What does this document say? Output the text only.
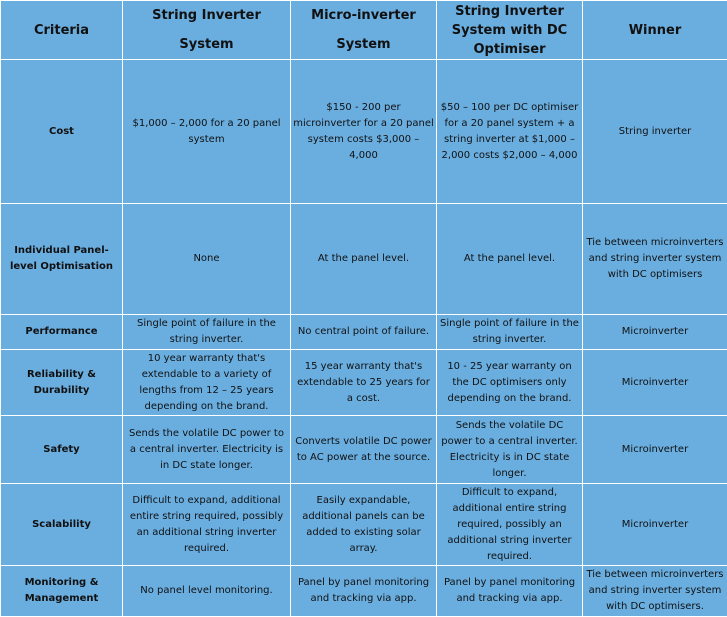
Criteria	String Inverter System	Micro-inverter System	String Inverter System with DC Optimiser	Winner
Cost	$1,000 – 2,000 for a 20 panel system	$150 - 200 per microinverter for a 20 panel system costs $3,000 – 4,000	$50 – 100 per DC optimiser for a 20 panel system + a string inverter at $1,000 – 2,000 costs $2,000 – 4,000	String inverter
Individual Panel-level Optimisation	None	At the panel level.	At the panel level.	Tie between microinverters and string inverter system with DC optimisers
Performance	Single point of failure in the string inverter.	No central point of failure.	Single point of failure in the string inverter.	Microinverter
Reliability & Durability	10 year warranty that's extendable to a variety of lengths from 12 – 25 years depending on the brand.	15 year warranty that's extendable to 25 years for a cost.	10 - 25 year warranty on the DC optimisers only depending on the brand.	Microinverter
Safety	Sends the volatile DC power to a central inverter. Electricity is in DC state longer.	Converts volatile DC power to AC power at the source.	Sends the volatile DC power to a central inverter. Electricity is in DC state longer.	Microinverter
Scalability	Difficult to expand, additional entire string required, possibly an additional string inverter required.	Easily expandable, additional panels can be added to existing solar array.	Difficult to expand, additional entire string required, possibly an additional string inverter required.	Microinverter
Monitoring & Management	No panel level monitoring.	Panel by panel monitoring and tracking via app.	Panel by panel monitoring and tracking via app.	Tie between microinverters and string inverter system with DC optimisers.
